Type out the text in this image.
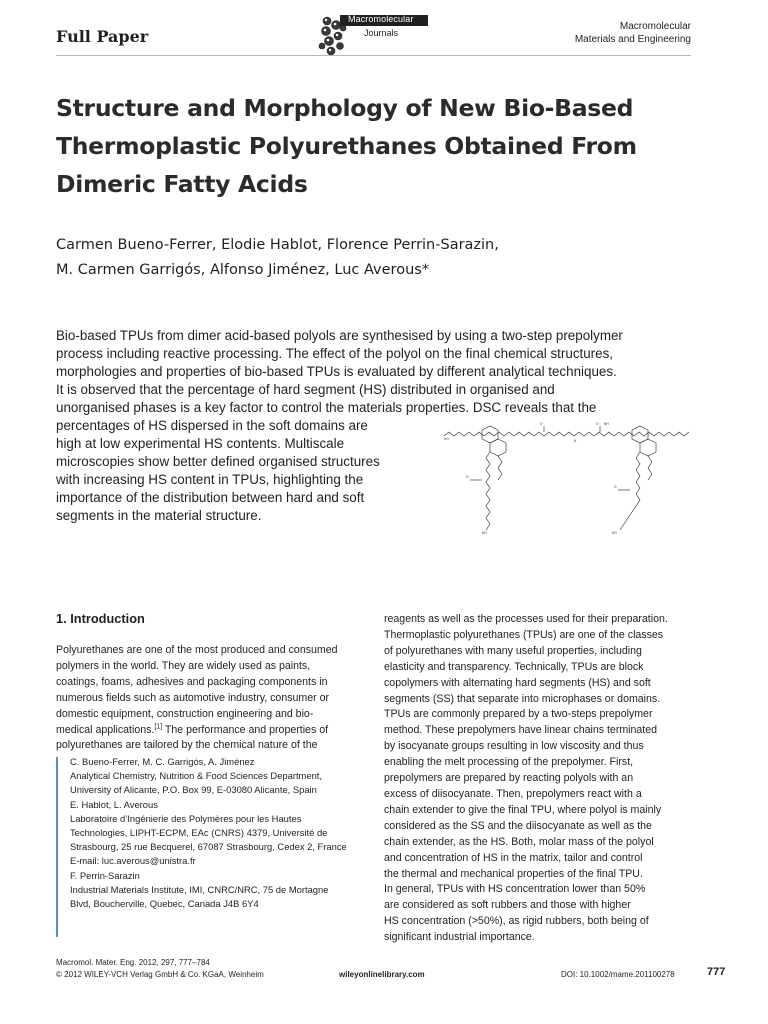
Full Paper
Macromolecular
Journals
Macromolecular
Materials and Engineering
Structure and Morphology of New Bio-Based
Thermoplastic Polyurethanes Obtained From
Dimeric Fatty Acids
Carmen Bueno-Ferrer, Elodie Hablot, Florence Perrin-Sarazin,
M. Carmen Garrigós, Alfonso Jiménez, Luc Averous*
Bio-based TPUs from dimer acid-based polyols are synthesised by using a two-step prepolymer
process including reactive processing. The effect of the polyol on the final chemical structures,
morphologies and properties of bio-based TPUs is evaluated by different analytical techniques.
It is observed that the percentage of hard segment (HS) distributed in organised and
unorganised phases is a key factor to control the materials properties. DSC reveals that the
percentages of HS dispersed in the soft domains are
high at low experimental HS contents. Multiscale
microscopies show better defined organised structures
with increasing HS content in TPUs, highlighting the
importance of the distribution between hard and soft
segments in the material structure.
HO
O	O
N
NH
O
O
HO	HO
1. Introduction
Polyurethanes are one of the most produced and consumed
polymers in the world. They are widely used as paints,
coatings, foams, adhesives and packaging components in
numerous fields such as automotive industry, consumer or
domestic equipment, construction engineering and bio-
medical applications.[1] The performance and properties of
polyurethanes are tailored by the chemical nature of the
C. Bueno-Ferrer, M. C. Garrigós, A. Jiménez
Analytical Chemistry, Nutrition & Food Sciences Department,
University of Alicante, P.O. Box 99, E-03080 Alicante, Spain
E. Hablot, L. Averous
Laboratoire d’Ingénierie des Polymères pour les Hautes
Technologies, LIPHT-ECPM, EAc (CNRS) 4379, Université de
Strasbourg, 25 rue Becquerel, 67087 Strasbourg, Cedex 2, France
E-mail: luc.averous@unistra.fr
F. Perrin-Sarazin
Industrial Materials Institute, IMI, CNRC/NRC, 75 de Mortagne
Blvd, Boucherville, Quebec, Canada J4B 6Y4
reagents as well as the processes used for their preparation.
Thermoplastic polyurethanes (TPUs) are one of the classes
of polyurethanes with many useful properties, including
elasticity and transparency. Technically, TPUs are block
copolymers with alternating hard segments (HS) and soft
segments (SS) that separate into microphases or domains.
TPUs are commonly prepared by a two-steps prepolymer
method. These prepolymers have linear chains terminated
by isocyanate groups resulting in low viscosity and thus
enabling the melt processing of the prepolymer. First,
prepolymers are prepared by reacting polyols with an
excess of diisocyanate. Then, prepolymers react with a
chain extender to give the final TPU, where polyol is mainly
considered as the SS and the diisocyanate as well as the
chain extender, as the HS. Both, molar mass of the polyol
and concentration of HS in the matrix, tailor and control
the thermal and mechanical properties of the final TPU.
In general, TPUs with HS concentration lower than 50%
are considered as soft rubbers and those with higher
HS concentration (>50%), as rigid rubbers, both being of
significant industrial importance.
Macromol. Mater. Eng. 2012, 297, 777–784
© 2012 WILEY-VCH Verlag GmbH & Co. KGaA, Weinheim	wileyonlinelibrary.com	DOI: 10.1002/mame.201100278	777
